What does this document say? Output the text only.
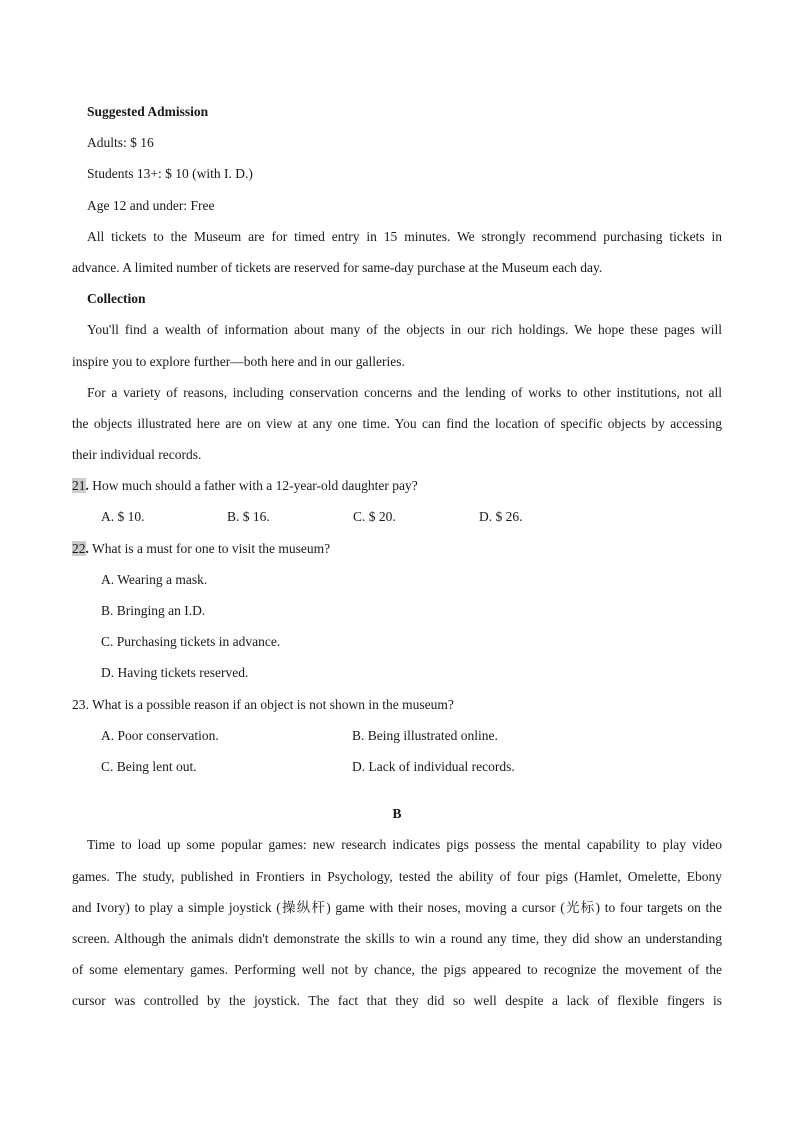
Suggested Admission
Adults: $ 16
Students 13+: $ 10 (with I. D.)
Age 12 and under: Free
All tickets to the Museum are for timed entry in 15 minutes. We strongly recommend purchasing tickets in
advance. A limited number of tickets are reserved for same-day purchase at the Museum each day.
Collection
You'll find a wealth of information about many of the objects in our rich holdings. We hope these pages will
inspire you to explore further—both here and in our galleries.
For a variety of reasons, including conservation concerns and the lending of works to other institutions, not all
the objects illustrated here are on view at any one time. You can find the location of specific objects by accessing
their individual records.
21. How much should a father with a 12-year-old daughter pay?
A. $ 10.	B. $ 16.	C. $ 20.	D. $ 26.
22. What is a must for one to visit the museum?
A. Wearing a mask.
B. Bringing an I.D.
C. Purchasing tickets in advance.
D. Having tickets reserved.
23. What is a possible reason if an object is not shown in the museum?
A. Poor conservation.	B. Being illustrated online.
C. Being lent out.	D. Lack of individual records.
B
Time to load up some popular games: new research indicates pigs possess the mental capability to play video
games. The study, published in Frontiers in Psychology, tested the ability of four pigs (Hamlet, Omelette, Ebony
and Ivory) to play a simple joystick (操纵杆) game with their noses, moving a cursor (光标) to four targets on the
screen. Although the animals didn't demonstrate the skills to win a round any time, they did show an understanding
of some elementary games. Performing well not by chance, the pigs appeared to recognize the movement of the
cursor was controlled by the joystick. The fact that they did so well despite a lack of flexible fingers is
